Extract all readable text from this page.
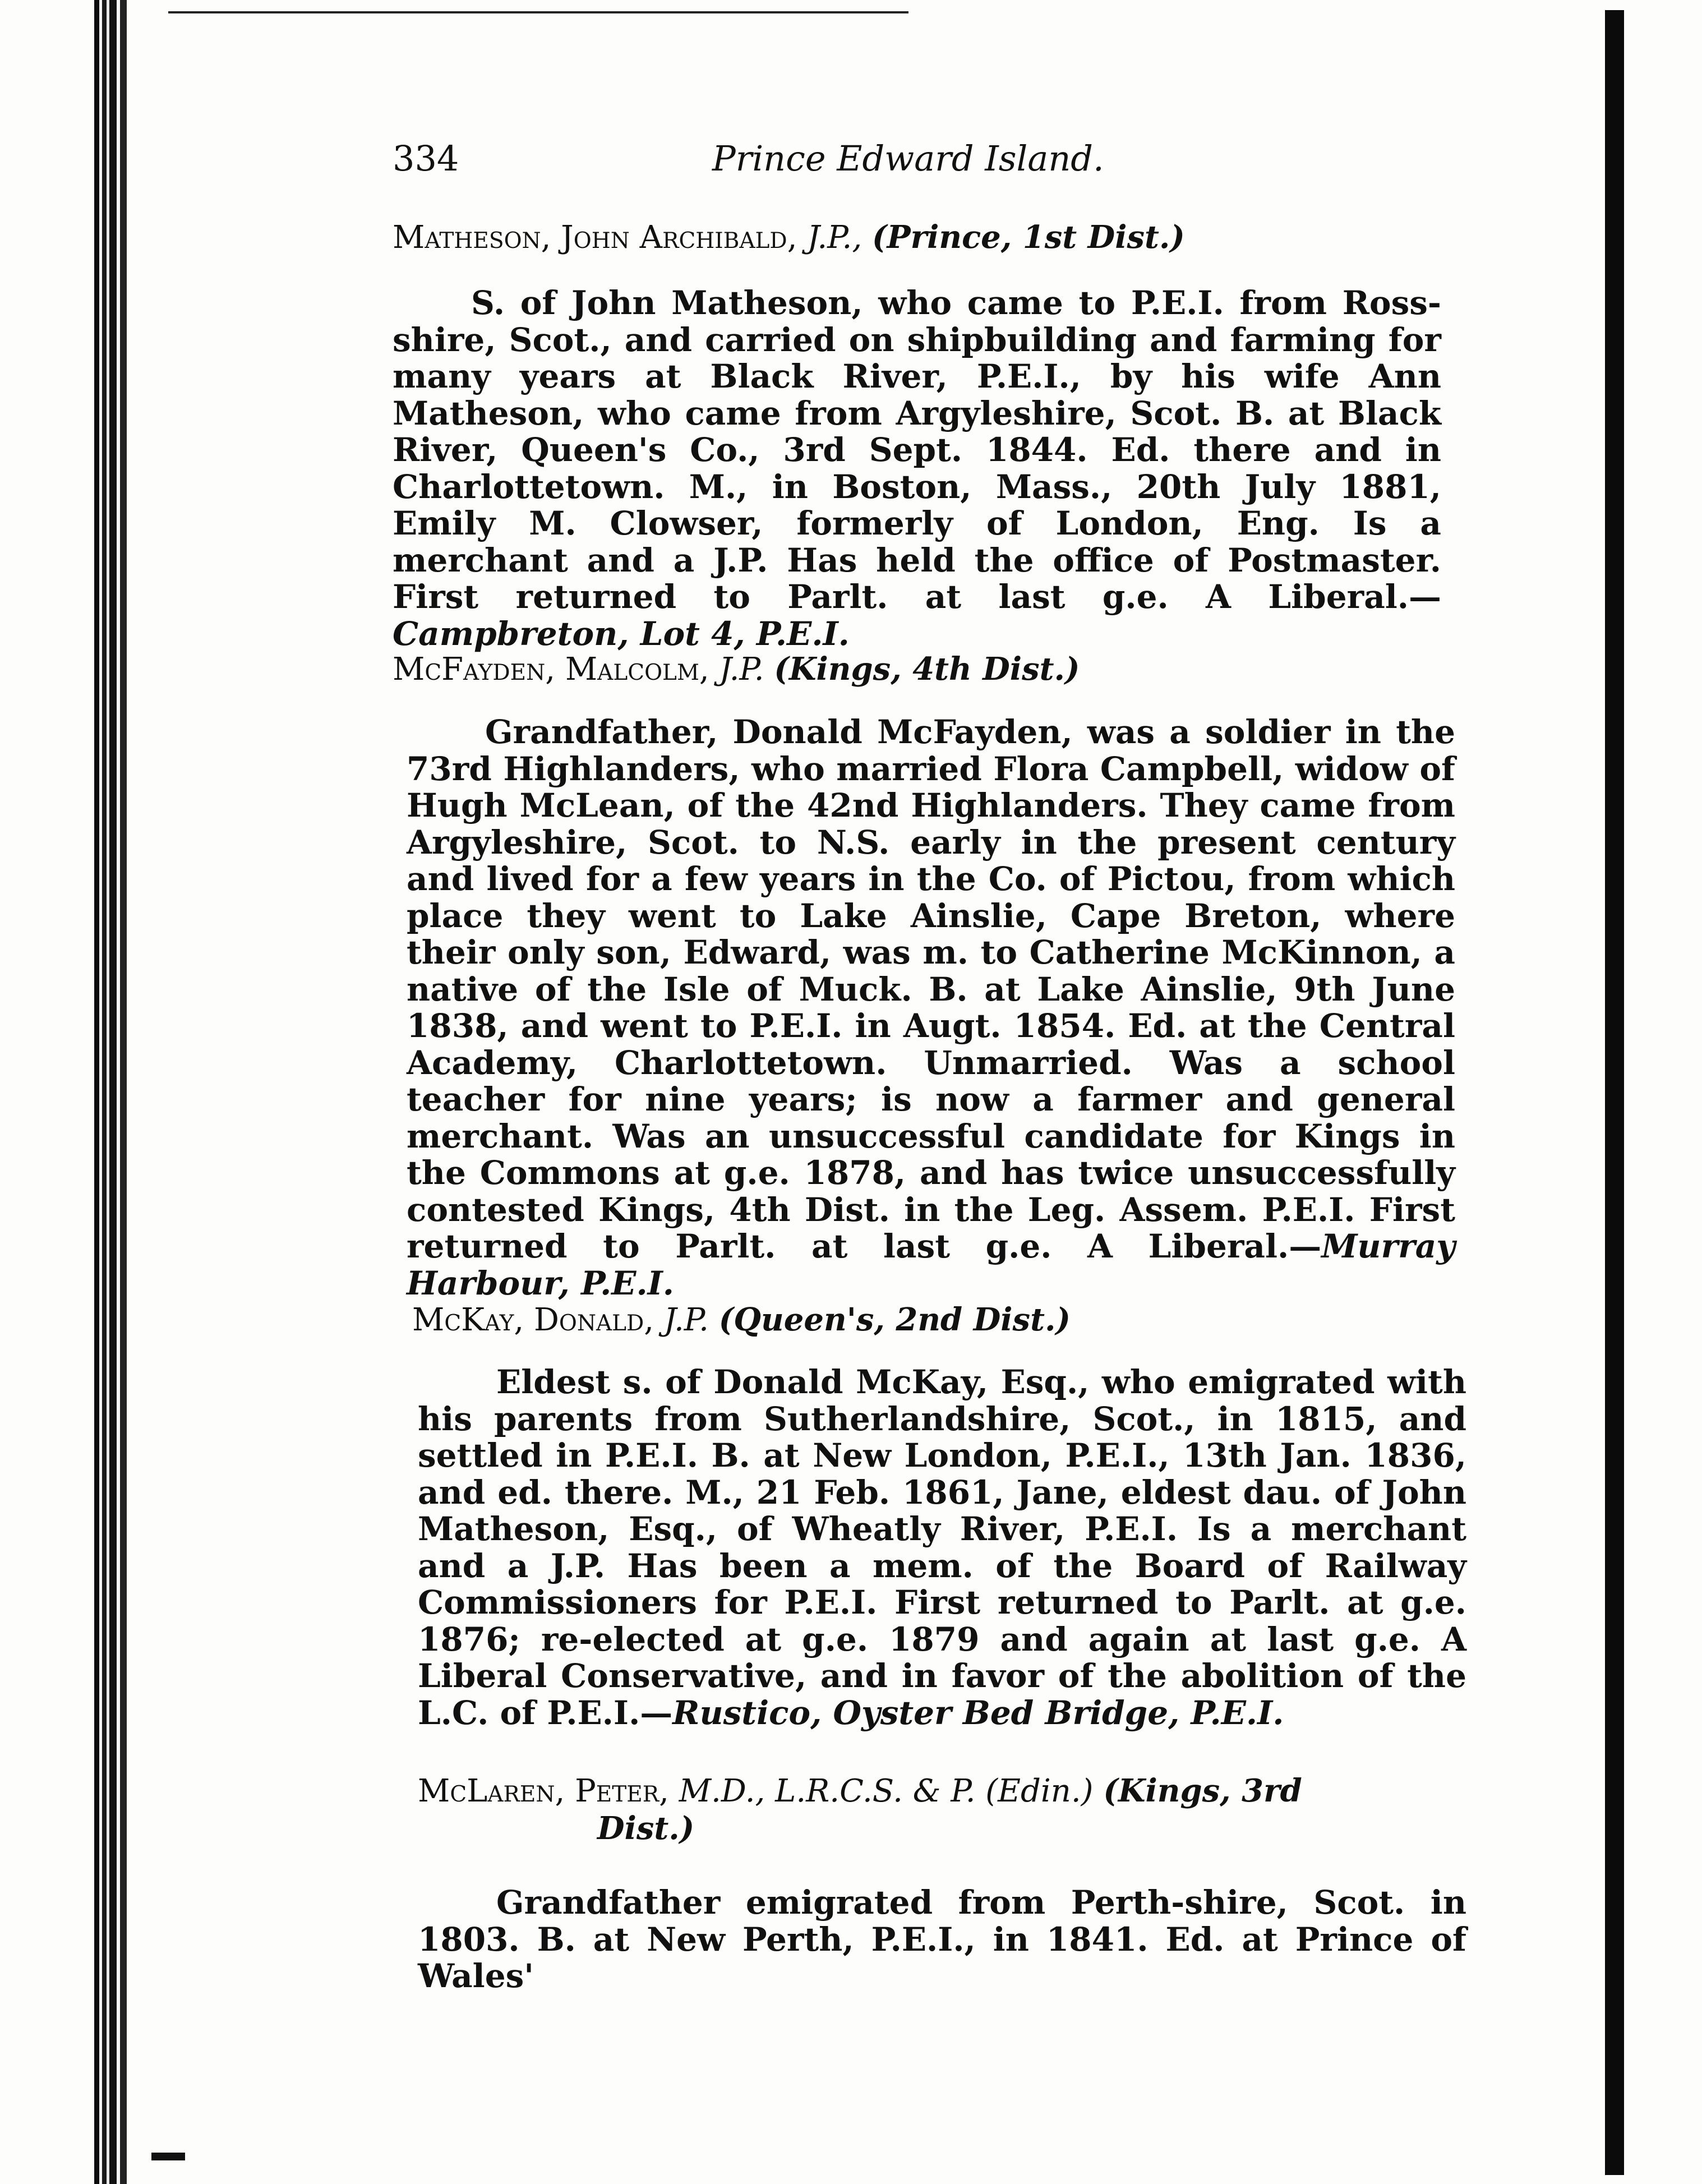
334	Prince Edward Island.
Matheson, John Archibald, J.P., (Prince, 1st Dist.)
S. of John Matheson, who came to P.E.I. from Ross-shire, Scot., and carried on shipbuilding and farming for many years at Black River, P.E.I., by his wife Ann Matheson, who came from Argyleshire, Scot. B. at Black River, Queen's Co., 3rd Sept. 1844. Ed. there and in Charlottetown. M., in Boston, Mass., 20th July 1881, Emily M. Clowser, formerly of London, Eng. Is a merchant and a J.P. Has held the office of Postmaster. First returned to Parlt. at last g.e. A Liberal.—Campbreton, Lot 4, P.E.I.
McFayden, Malcolm, J.P. (Kings, 4th Dist.)
Grandfather, Donald McFayden, was a soldier in the 73rd Highlanders, who married Flora Campbell, widow of Hugh McLean, of the 42nd Highlanders. They came from Argyleshire, Scot. to N.S. early in the present century and lived for a few years in the Co. of Pictou, from which place they went to Lake Ainslie, Cape Breton, where their only son, Edward, was m. to Catherine McKinnon, a native of the Isle of Muck. B. at Lake Ainslie, 9th June 1838, and went to P.E.I. in Augt. 1854. Ed. at the Central Academy, Charlottetown. Unmarried. Was a school teacher for nine years; is now a farmer and general merchant. Was an unsuccessful candidate for Kings in the Commons at g.e. 1878, and has twice unsuccessfully contested Kings, 4th Dist. in the Leg. Assem. P.E.I. First returned to Parlt. at last g.e. A Liberal.—Murray Harbour, P.E.I.
McKay, Donald, J.P. (Queen's, 2nd Dist.)
Eldest s. of Donald McKay, Esq., who emigrated with his parents from Sutherlandshire, Scot., in 1815, and settled in P.E.I. B. at New London, P.E.I., 13th Jan. 1836, and ed. there. M., 21 Feb. 1861, Jane, eldest dau. of John Matheson, Esq., of Wheatly River, P.E.I. Is a merchant and a J.P. Has been a mem. of the Board of Railway Commissioners for P.E.I. First returned to Parlt. at g.e. 1876; re-elected at g.e. 1879 and again at last g.e. A Liberal Conservative, and in favor of the abolition of the L.C. of P.E.I.—Rustico, Oyster Bed Bridge, P.E.I.
McLaren, Peter, M.D., L.R.C.S. & P. (Edin.) (Kings, 3rd
Dist.)
Grandfather emigrated from Perth-shire, Scot. in 1803. B. at New Perth, P.E.I., in 1841. Ed. at Prince of Wales'
